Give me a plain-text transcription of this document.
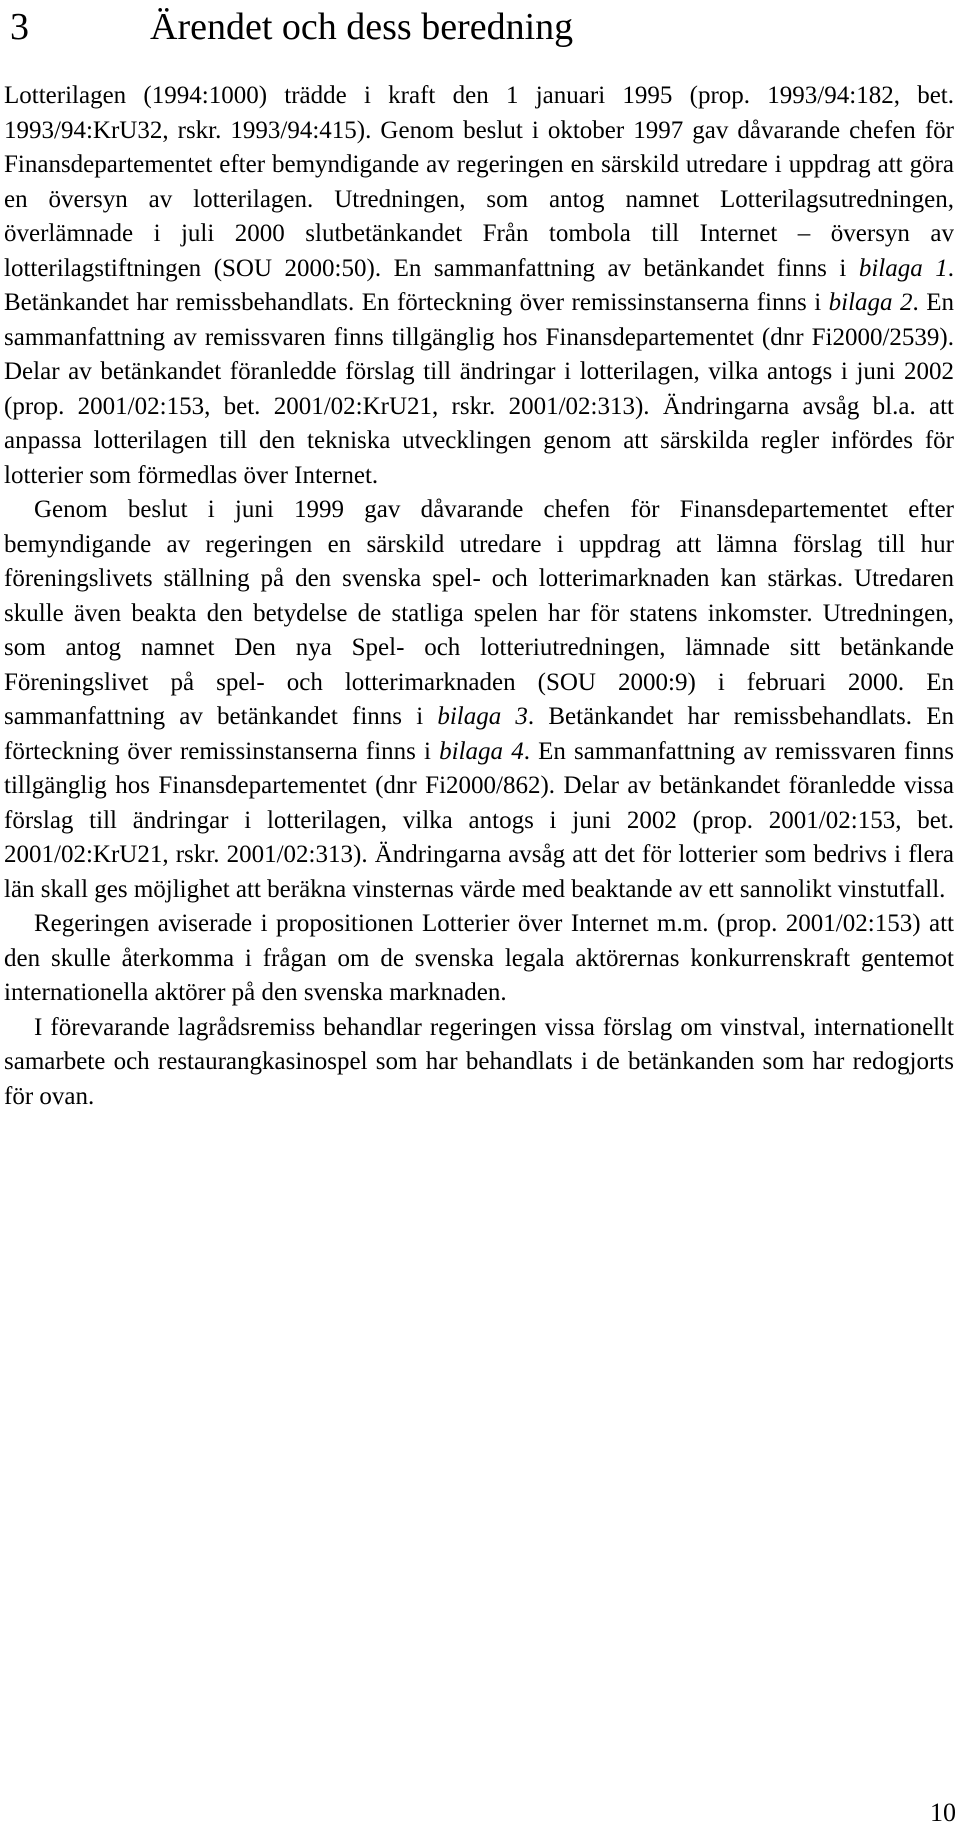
3	Ärendet och dess beredning

Lotterilagen (1994:1000) trädde i kraft den 1 januari 1995 (prop. 1993/94:182, bet. 1993/94:KrU32, rskr. 1993/94:415). Genom beslut i oktober 1997 gav dåvarande chefen för Finansdepartementet efter bemyndigande av regeringen en särskild utredare i uppdrag att göra en översyn av lotterilagen. Utredningen, som antog namnet Lotterilagsutredningen, överlämnade i juli 2000 slutbetänkandet Från tombola till Internet – översyn av lotterilagstiftningen (SOU 2000:50). En sammanfattning av betänkandet finns i bilaga 1. Betänkandet har remissbehandlats. En förteckning över remissinstanserna finns i bilaga 2. En sammanfattning av remissvaren finns tillgänglig hos Finansdepartementet (dnr Fi2000/2539). Delar av betänkandet föranledde förslag till ändringar i lotterilagen, vilka antogs i juni 2002 (prop. 2001/02:153, bet. 2001/02:KrU21, rskr. 2001/02:313). Ändringarna avsåg bl.a. att anpassa lotterilagen till den tekniska utvecklingen genom att särskilda regler infördes för lotterier som förmedlas över Internet.

Genom beslut i juni 1999 gav dåvarande chefen för Finansdepartementet efter bemyndigande av regeringen en särskild utredare i uppdrag att lämna förslag till hur föreningslivets ställning på den svenska spel- och lotterimarknaden kan stärkas. Utredaren skulle även beakta den betydelse de statliga spelen har för statens inkomster. Utredningen, som antog namnet Den nya Spel- och lotteriutredningen, lämnade sitt betänkande Föreningslivet på spel- och lotterimarknaden (SOU 2000:9) i februari 2000. En sammanfattning av betänkandet finns i bilaga 3. Betänkandet har remissbehandlats. En förteckning över remissinstanserna finns i bilaga 4. En sammanfattning av remissvaren finns tillgänglig hos Finansdepartementet (dnr Fi2000/862). Delar av betänkandet föranledde vissa förslag till ändringar i lotterilagen, vilka antogs i juni 2002 (prop. 2001/02:153, bet. 2001/02:KrU21, rskr. 2001/02:313). Ändringarna avsåg att det för lotterier som bedrivs i flera län skall ges möjlighet att beräkna vinsternas värde med beaktande av ett sannolikt vinstutfall.

Regeringen aviserade i propositionen Lotterier över Internet m.m. (prop. 2001/02:153) att den skulle återkomma i frågan om de svenska legala aktörernas konkurrenskraft gentemot internationella aktörer på den svenska marknaden.

I förevarande lagrådsremiss behandlar regeringen vissa förslag om vinstval, internationellt samarbete och restaurangkasinospel som har behandlats i de betänkanden som har redogjorts för ovan.

10
